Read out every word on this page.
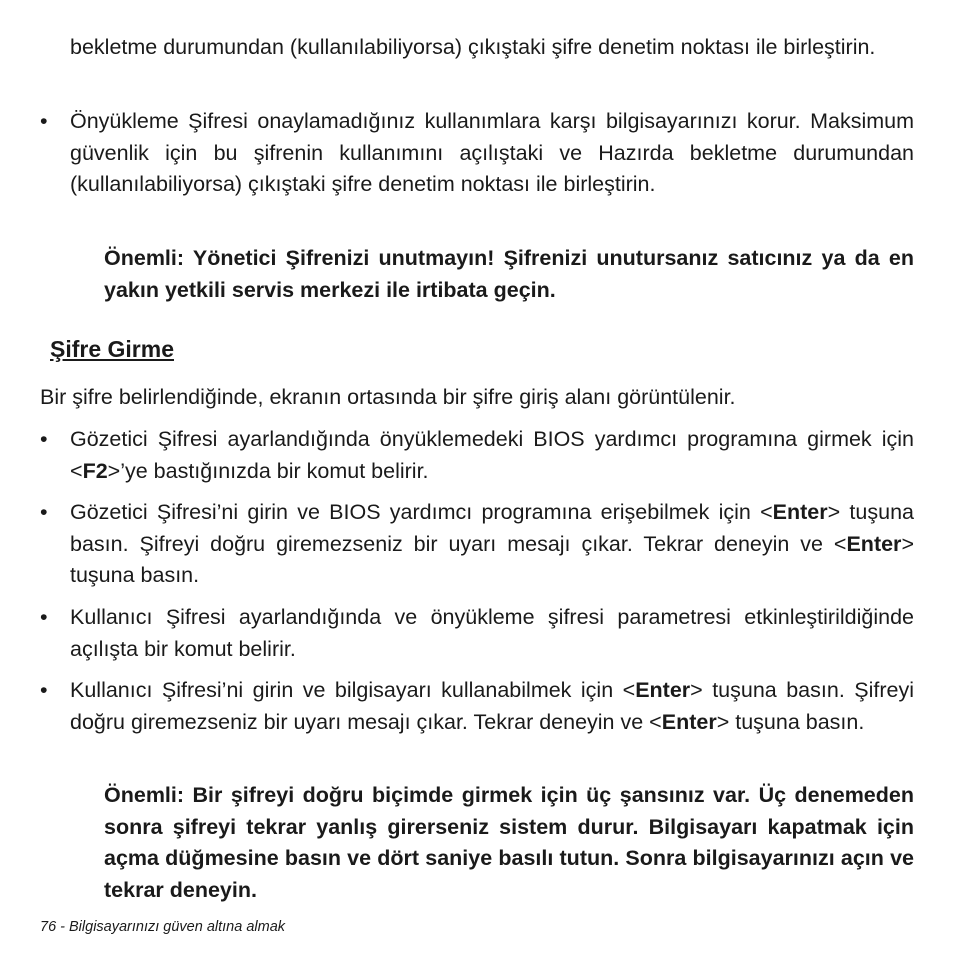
bekletme durumundan (kullanılabiliyorsa) çıkıştaki şifre denetim noktası ile birleştirin.

•	Önyükleme Şifresi onaylamadığınız kullanımlara karşı bilgisayarınızı korur. Maksimum güvenlik için bu şifrenin kullanımını açılıştaki ve Hazırda bekletme durumundan (kullanılabiliyorsa) çıkıştaki şifre denetim noktası ile birleştirin.

Önemli: Yönetici Şifrenizi unutmayın! Şifrenizi unutursanız satıcınız ya da en yakın yetkili servis merkezi ile irtibata geçin.

Şifre Girme

Bir şifre belirlendiğinde, ekranın ortasında bir şifre giriş alanı görüntülenir.

•	Gözetici Şifresi ayarlandığında önyüklemedeki BIOS yardımcı programına girmek için <F2>’ye bastığınızda bir komut belirir.

•	Gözetici Şifresi’ni girin ve BIOS yardımcı programına erişebilmek için <Enter> tuşuna basın. Şifreyi doğru giremezseniz bir uyarı mesajı çıkar. Tekrar deneyin ve <Enter> tuşuna basın.

•	Kullanıcı Şifresi ayarlandığında ve önyükleme şifresi parametresi etkinleştirildiğinde açılışta bir komut belirir.

•	Kullanıcı Şifresi’ni girin ve bilgisayarı kullanabilmek için <Enter> tuşuna basın. Şifreyi doğru giremezseniz bir uyarı mesajı çıkar. Tekrar deneyin ve <Enter> tuşuna basın.

Önemli: Bir şifreyi doğru biçimde girmek için üç şansınız var. Üç denemeden sonra şifreyi tekrar yanlış girerseniz sistem durur. Bilgisayarı kapatmak için açma düğmesine basın ve dört saniye basılı tutun. Sonra bilgisayarınızı açın ve tekrar deneyin.

76 - Bilgisayarınızı güven altına almak
